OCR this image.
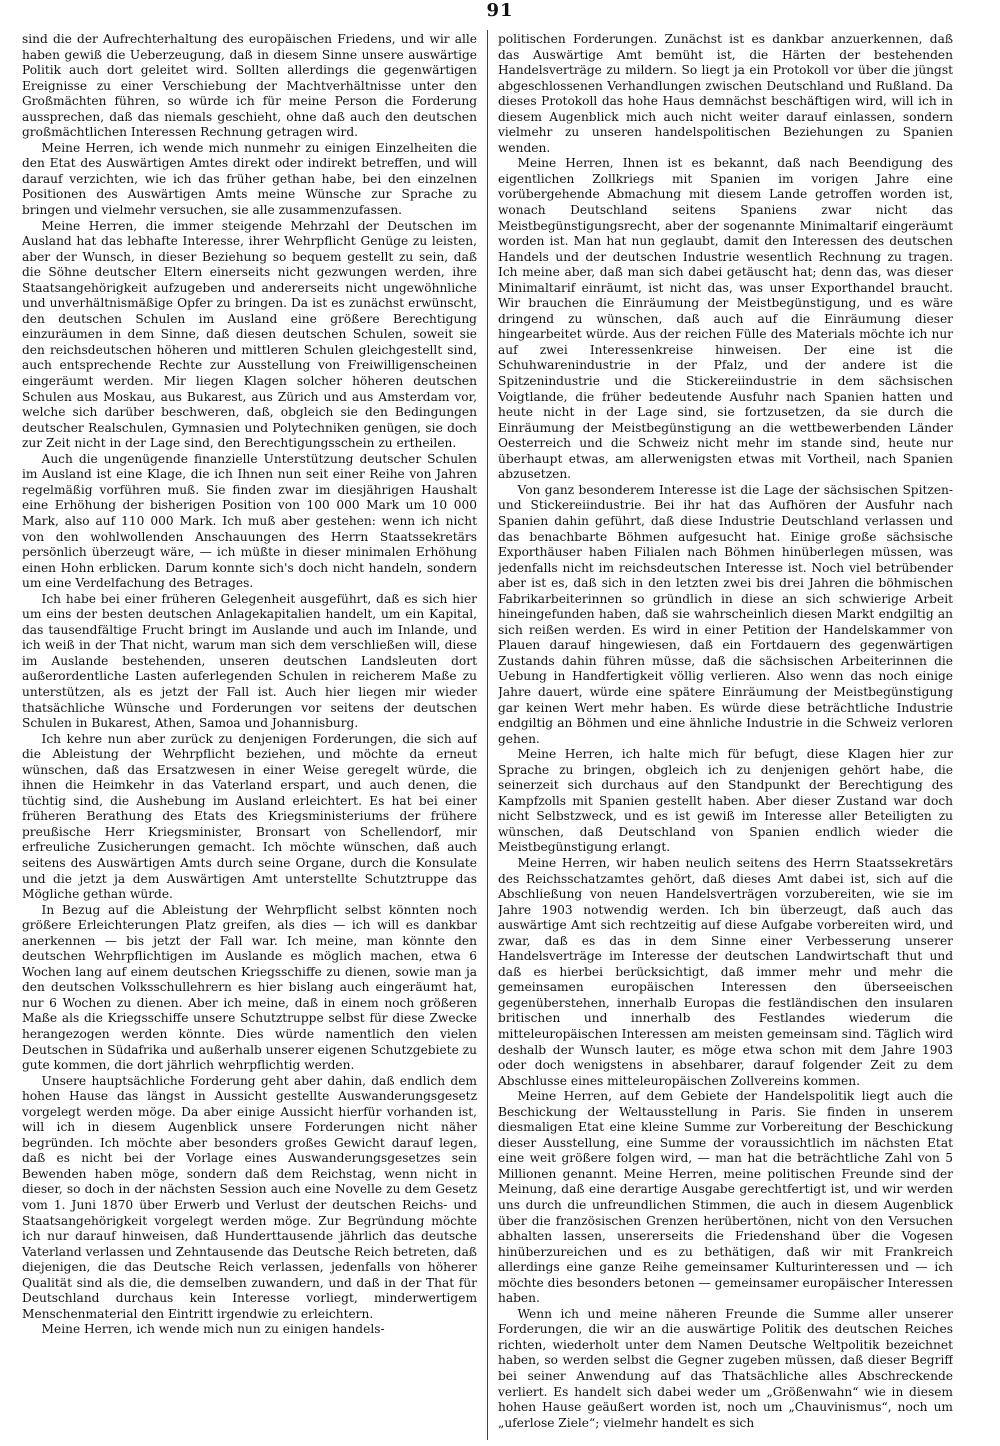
91

sind die der Aufrechterhaltung des europäischen Friedens, und wir alle haben gewiß die Ueberzeugung, daß in diesem Sinne unsere auswärtige Politik auch dort geleitet wird. Sollten allerdings die gegenwärtigen Ereignisse zu einer Verschiebung der Machtverhältnisse unter den Großmächten führen, so würde ich für meine Person die Forderung aussprechen, daß das niemals geschieht, ohne daß auch den deutschen großmächtlichen Interessen Rechnung getragen wird.

Meine Herren, ich wende mich nunmehr zu einigen Einzelheiten die den Etat des Auswärtigen Amtes direkt oder indirekt betreffen, und will darauf verzichten, wie ich das früher gethan habe, bei den einzelnen Positionen des Auswärtigen Amts meine Wünsche zur Sprache zu bringen und vielmehr versuchen, sie alle zusammenzufassen.

Meine Herren, die immer steigende Mehrzahl der Deutschen im Ausland hat das lebhafte Interesse, ihrer Wehrpflicht Genüge zu leisten, aber der Wunsch, in dieser Beziehung so bequem gestellt zu sein, daß die Söhne deutscher Eltern einerseits nicht gezwungen werden, ihre Staatsangehörigkeit aufzugeben und andererseits nicht ungewöhnliche und unverhältnismäßige Opfer zu bringen. Da ist es zunächst erwünscht, den deutschen Schulen im Ausland eine größere Berechtigung einzuräumen in dem Sinne, daß diesen deutschen Schulen, soweit sie den reichsdeutschen höheren und mittleren Schulen gleichgestellt sind, auch entsprechende Rechte zur Ausstellung von Freiwilligenscheinen eingeräumt werden. Mir liegen Klagen solcher höheren deutschen Schulen aus Moskau, aus Bukarest, aus Zürich und aus Amsterdam vor, welche sich darüber beschweren, daß, obgleich sie den Bedingungen deutscher Realschulen, Gymnasien und Polytechniken genügen, sie doch zur Zeit nicht in der Lage sind, den Berechtigungsschein zu ertheilen.

Auch die ungenügende finanzielle Unterstützung deutscher Schulen im Ausland ist eine Klage, die ich Ihnen nun seit einer Reihe von Jahren regelmäßig vorführen muß. Sie finden zwar im diesjährigen Haushalt eine Erhöhung der bisherigen Position von 100 000 Mark um 10 000 Mark, also auf 110 000 Mark. Ich muß aber gestehen: wenn ich nicht von den wohlwollenden Anschauungen des Herrn Staatssekretärs persönlich überzeugt wäre, — ich müßte in dieser minimalen Erhöhung einen Hohn erblicken. Darum konnte sich's doch nicht handeln, sondern um eine Verdelfachung des Betrages.

Ich habe bei einer früheren Gelegenheit ausgeführt, daß es sich hier um eins der besten deutschen Anlagekapitalien handelt, um ein Kapital, das tausendfältige Frucht bringt im Auslande und auch im Inlande, und ich weiß in der That nicht, warum man sich dem verschließen will, diese im Auslande bestehenden, unseren deutschen Landsleuten dort außerordentliche Lasten auferlegenden Schulen in reicherem Maße zu unterstützen, als es jetzt der Fall ist. Auch hier liegen mir wieder thatsächliche Wünsche und Forderungen vor seitens der deutschen Schulen in Bukarest, Athen, Samoa und Johannisburg.

Ich kehre nun aber zurück zu denjenigen Forderungen, die sich auf die Ableistung der Wehrpflicht beziehen, und möchte da erneut wünschen, daß das Ersatzwesen in einer Weise geregelt würde, die ihnen die Heimkehr in das Vaterland erspart, und auch denen, die tüchtig sind, die Aushebung im Ausland erleichtert. Es hat bei einer früheren Berathung des Etats des Kriegsministeriums der frühere preußische Herr Kriegsminister, Bronsart von Schellendorf, mir erfreuliche Zusicherungen gemacht. Ich möchte wünschen, daß auch seitens des Auswärtigen Amts durch seine Organe, durch die Konsulate und die jetzt ja dem Auswärtigen Amt unterstellte Schutztruppe das Mögliche gethan würde.

In Bezug auf die Ableistung der Wehrpflicht selbst könnten noch größere Erleichterungen Platz greifen, als dies — ich will es dankbar anerkennen — bis jetzt der Fall war. Ich meine, man könnte den deutschen Wehrpflichtigen im Auslande es möglich machen, etwa 6 Wochen lang auf einem deutschen Kriegsschiffe zu dienen, sowie man ja den deutschen Volksschullehrern es hier bislang auch eingeräumt hat, nur 6 Wochen zu dienen. Aber ich meine, daß in einem noch größeren Maße als die Kriegsschiffe unsere Schutztruppe selbst für diese Zwecke herangezogen werden könnte. Dies würde namentlich den vielen Deutschen in Südafrika und außerhalb unserer eigenen Schutzgebiete zu gute kommen, die dort jährlich wehrpflichtig werden.

Unsere hauptsächliche Forderung geht aber dahin, daß endlich dem hohen Hause das längst in Aussicht gestellte Auswanderungsgesetz vorgelegt werden möge. Da aber einige Aussicht hierfür vorhanden ist, will ich in diesem Augenblick unsere Forderungen nicht näher begründen. Ich möchte aber besonders großes Gewicht darauf legen, daß es nicht bei der Vorlage eines Auswanderungsgesetzes sein Bewenden haben möge, sondern daß dem Reichstag, wenn nicht in dieser, so doch in der nächsten Session auch eine Novelle zu dem Gesetz vom 1. Juni 1870 über Erwerb und Verlust der deutschen Reichs- und Staatsangehörigkeit vorgelegt werden möge. Zur Begründung möchte ich nur darauf hinweisen, daß Hunderttausende jährlich das deutsche Vaterland verlassen und Zehntausende das Deutsche Reich betreten, daß diejenigen, die das Deutsche Reich verlassen, jedenfalls von höherer Qualität sind als die, die demselben zuwandern, und daß in der That für Deutschland durchaus kein Interesse vorliegt, minderwertigem Menschenmaterial den Eintritt irgendwie zu erleichtern.

Meine Herren, ich wende mich nun zu einigen handels-

politischen Forderungen. Zunächst ist es dankbar anzuerkennen, daß das Auswärtige Amt bemüht ist, die Härten der bestehenden Handelsverträge zu mildern. So liegt ja ein Protokoll vor über die jüngst abgeschlossenen Verhandlungen zwischen Deutschland und Rußland. Da dieses Protokoll das hohe Haus demnächst beschäftigen wird, will ich in diesem Augenblick mich auch nicht weiter darauf einlassen, sondern vielmehr zu unseren handelspolitischen Beziehungen zu Spanien wenden.

Meine Herren, Ihnen ist es bekannt, daß nach Beendigung des eigentlichen Zollkriegs mit Spanien im vorigen Jahre eine vorübergehende Abmachung mit diesem Lande getroffen worden ist, wonach Deutschland seitens Spaniens zwar nicht das Meistbegünstigungsrecht, aber der sogenannte Minimaltarif eingeräumt worden ist. Man hat nun geglaubt, damit den Interessen des deutschen Handels und der deutschen Industrie wesentlich Rechnung zu tragen. Ich meine aber, daß man sich dabei getäuscht hat; denn das, was dieser Minimaltarif einräumt, ist nicht das, was unser Exporthandel braucht. Wir brauchen die Einräumung der Meistbegünstigung, und es wäre dringend zu wünschen, daß auch auf die Einräumung dieser hingearbeitet würde. Aus der reichen Fülle des Materials möchte ich nur auf zwei Interessenkreise hinweisen. Der eine ist die Schuhwarenindustrie in der Pfalz, und der andere ist die Spitzenindustrie und die Stickereiindustrie in dem sächsischen Voigtlande, die früher bedeutende Ausfuhr nach Spanien hatten und heute nicht in der Lage sind, sie fortzusetzen, da sie durch die Einräumung der Meistbegünstigung an die wettbewerbenden Länder Oesterreich und die Schweiz nicht mehr im stande sind, heute nur überhaupt etwas, am allerwenigsten etwas mit Vortheil, nach Spanien abzusetzen.

Von ganz besonderem Interesse ist die Lage der sächsischen Spitzen- und Stickereiindustrie. Bei ihr hat das Aufhören der Ausfuhr nach Spanien dahin geführt, daß diese Industrie Deutschland verlassen und das benachbarte Böhmen aufgesucht hat. Einige große sächsische Exporthäuser haben Filialen nach Böhmen hinüberlegen müssen, was jedenfalls nicht im reichsdeutschen Interesse ist. Noch viel betrübender aber ist es, daß sich in den letzten zwei bis drei Jahren die böhmischen Fabrikarbeiterinnen so gründlich in diese an sich schwierige Arbeit hineingefunden haben, daß sie wahrscheinlich diesen Markt endgiltig an sich reißen werden. Es wird in einer Petition der Handelskammer von Plauen darauf hingewiesen, daß ein Fortdauern des gegenwärtigen Zustands dahin führen müsse, daß die sächsischen Arbeiterinnen die Uebung in Handfertigkeit völlig verlieren. Also wenn das noch einige Jahre dauert, würde eine spätere Einräumung der Meistbegünstigung gar keinen Wert mehr haben. Es würde diese beträchtliche Industrie endgiltig an Böhmen und eine ähnliche Industrie in die Schweiz verloren gehen.

Meine Herren, ich halte mich für befugt, diese Klagen hier zur Sprache zu bringen, obgleich ich zu denjenigen gehört habe, die seinerzeit sich durchaus auf den Standpunkt der Berechtigung des Kampfzolls mit Spanien gestellt haben. Aber dieser Zustand war doch nicht Selbstzweck, und es ist gewiß im Interesse aller Beteiligten zu wünschen, daß Deutschland von Spanien endlich wieder die Meistbegünstigung erlangt.

Meine Herren, wir haben neulich seitens des Herrn Staatssekretärs des Reichsschatzamtes gehört, daß dieses Amt dabei ist, sich auf die Abschließung von neuen Handelsverträgen vorzubereiten, wie sie im Jahre 1903 notwendig werden. Ich bin überzeugt, daß auch das auswärtige Amt sich rechtzeitig auf diese Aufgabe vorbereiten wird, und zwar, daß es das in dem Sinne einer Verbesserung unserer Handelsverträge im Interesse der deutschen Landwirtschaft thut und daß es hierbei berücksichtigt, daß immer mehr und mehr die gemeinsamen europäischen Interessen den überseeischen gegenüberstehen, innerhalb Europas die festländischen den insularen britischen und innerhalb des Festlandes wiederum die mitteleuropäischen Interessen am meisten gemeinsam sind. Täglich wird deshalb der Wunsch lauter, es möge etwa schon mit dem Jahre 1903 oder doch wenigstens in absehbarer, darauf folgender Zeit zu dem Abschlusse eines mitteleuropäischen Zollvereins kommen.

Meine Herren, auf dem Gebiete der Handelspolitik liegt auch die Beschickung der Weltausstellung in Paris. Sie finden in unserem diesmaligen Etat eine kleine Summe zur Vorbereitung der Beschickung dieser Ausstellung, eine Summe der voraussichtlich im nächsten Etat eine weit größere folgen wird, — man hat die beträchtliche Zahl von 5 Millionen genannt. Meine Herren, meine politischen Freunde sind der Meinung, daß eine derartige Ausgabe gerechtfertigt ist, und wir werden uns durch die unfreundlichen Stimmen, die auch in diesem Augenblick über die französischen Grenzen herübertönen, nicht von den Versuchen abhalten lassen, unsererseits die Friedenshand über die Vogesen hinüberzureichen und es zu bethätigen, daß wir mit Frankreich allerdings eine ganze Reihe gemeinsamer Kulturinteressen und — ich möchte dies besonders betonen — gemeinsamer europäischer Interessen haben.

Wenn ich und meine näheren Freunde die Summe aller unserer Forderungen, die wir an die auswärtige Politik des deutschen Reiches richten, wiederholt unter dem Namen Deutsche Weltpolitik bezeichnet haben, so werden selbst die Gegner zugeben müssen, daß dieser Begriff bei seiner Anwendung auf das Thatsächliche alles Abschreckende verliert. Es handelt sich dabei weder um „Größenwahn“ wie in diesem hohen Hause geäußert worden ist, noch um „Chauvinismus“, noch um „uferlose Ziele“; vielmehr handelt es sich
